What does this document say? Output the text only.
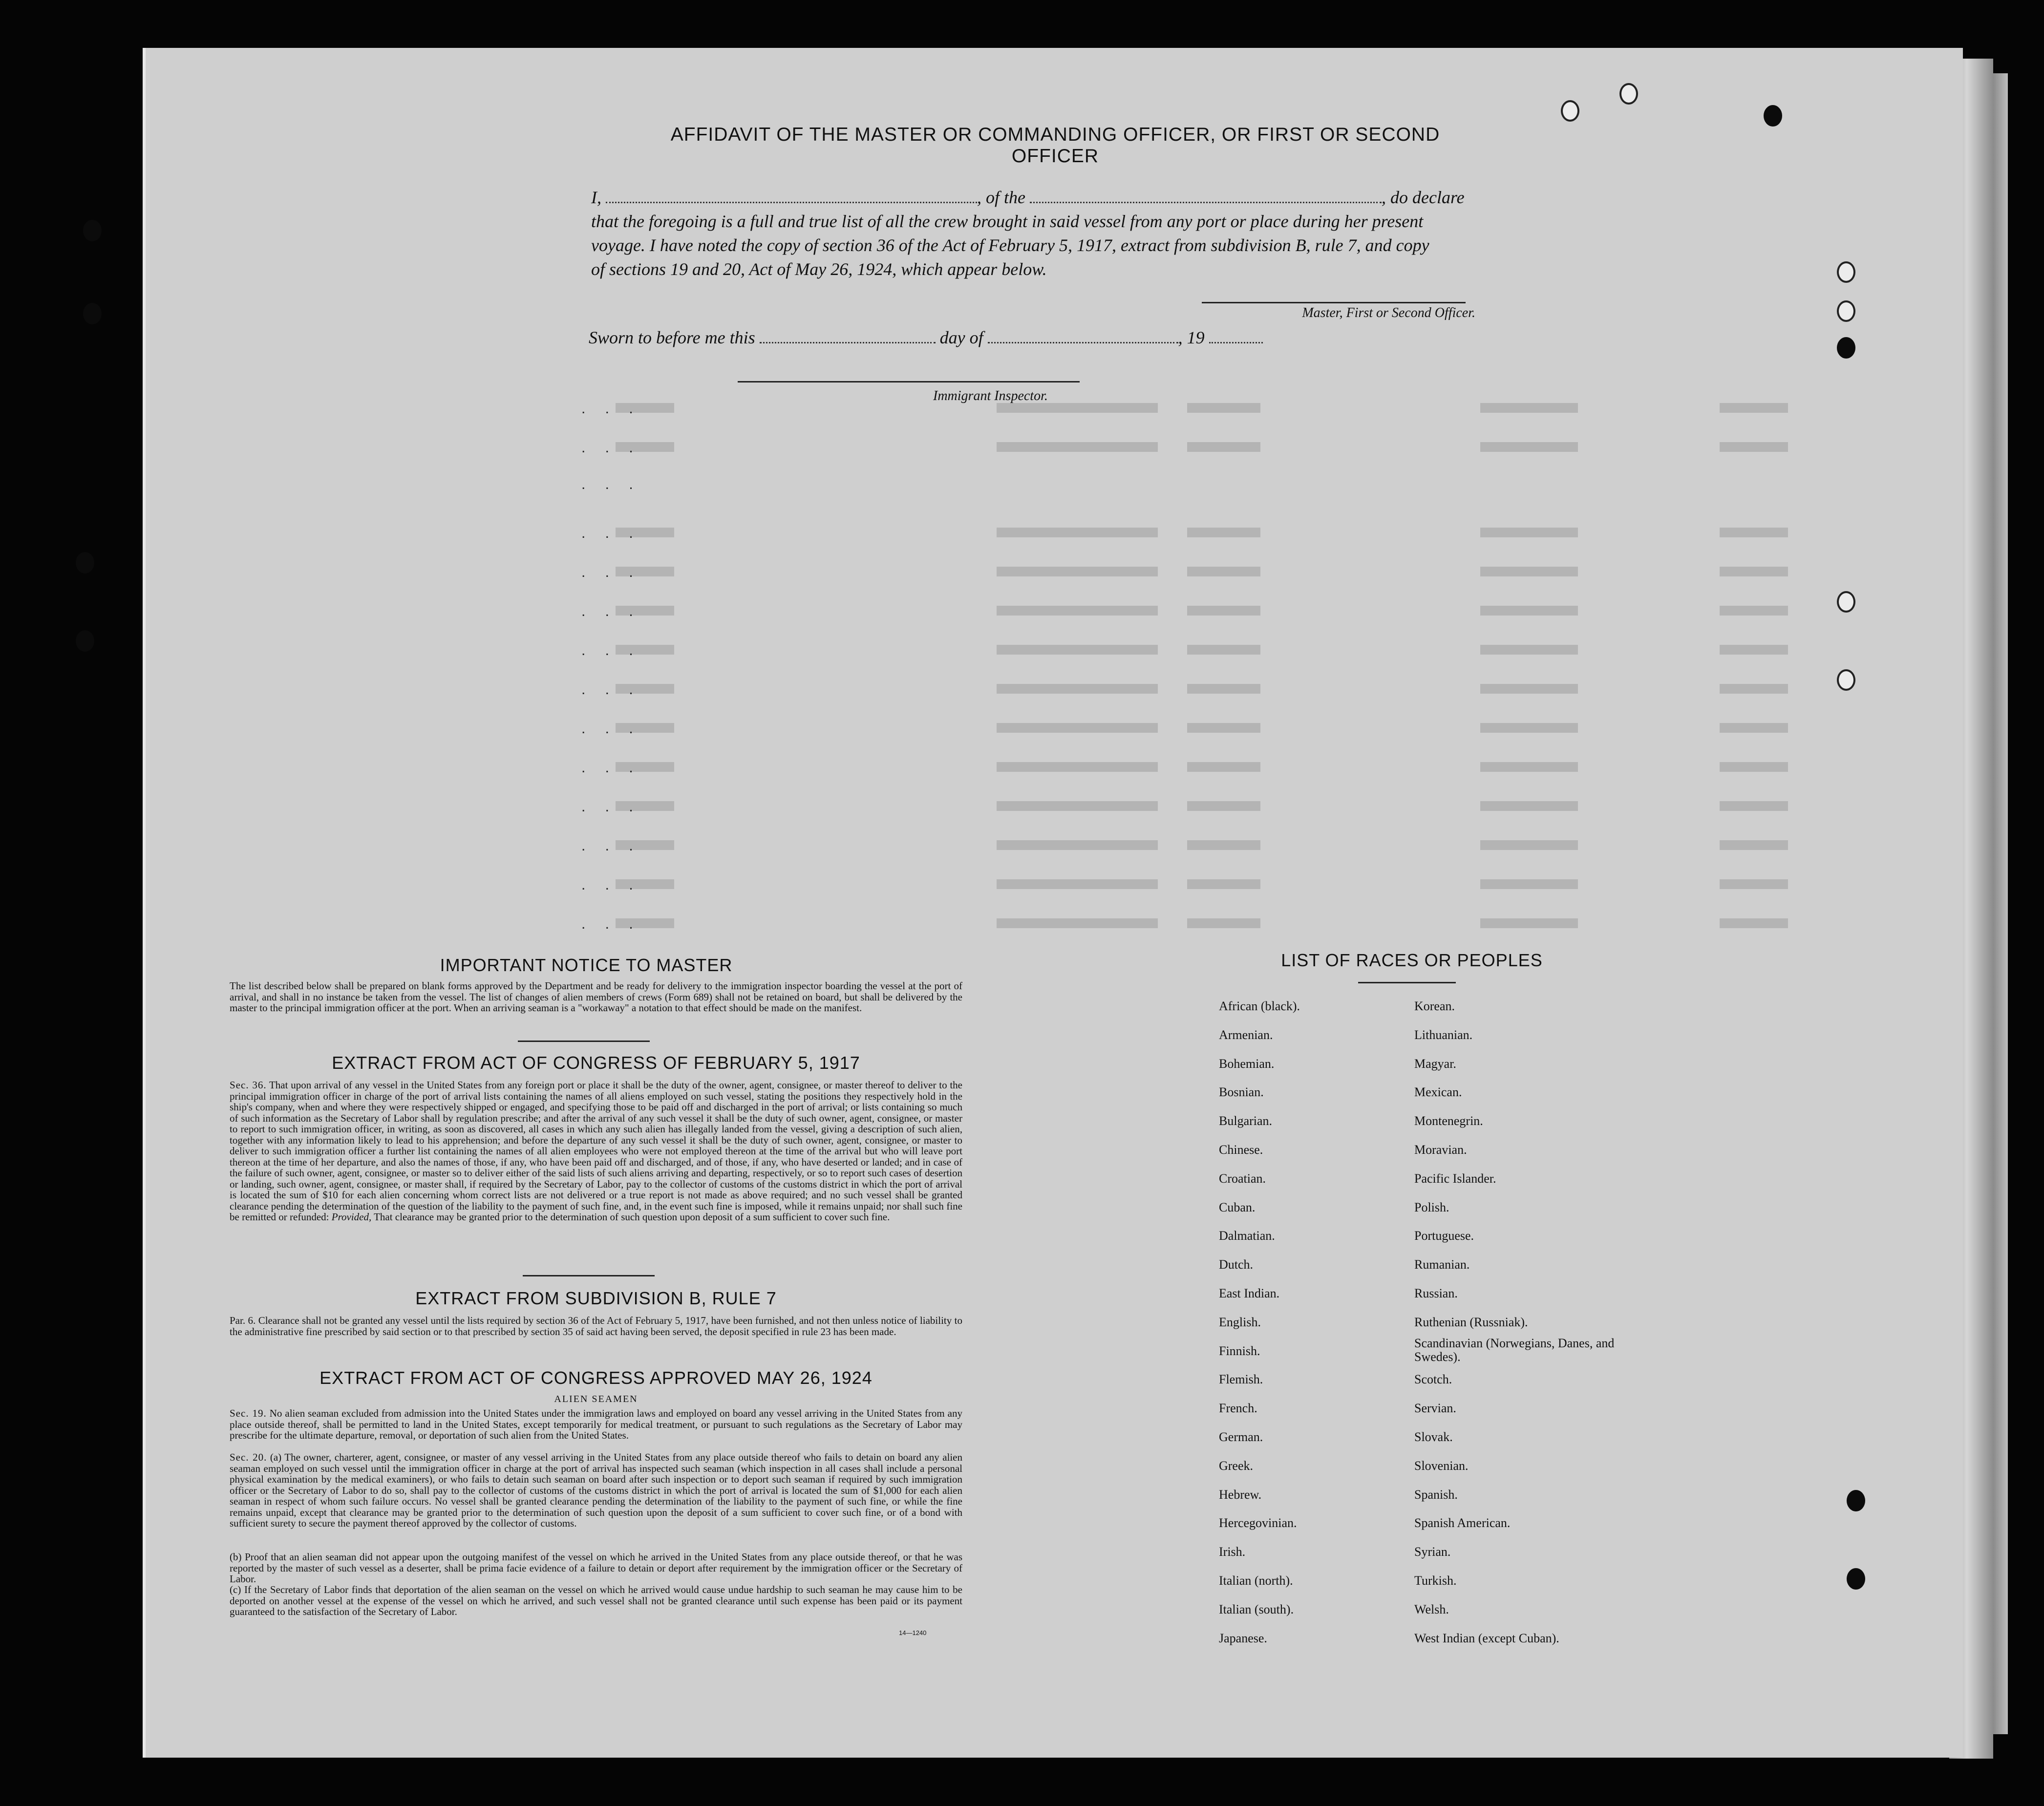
AFFIDAVIT OF THE MASTER OR COMMANDING OFFICER, OR FIRST OR SECOND OFFICER
I,	, of the	, do declare
that the foregoing is a full and true list of all the crew brought in said vessel from any port or place during her present
voyage. I have noted the copy of section 36 of the Act of February 5, 1917, extract from subdivision B, rule 7, and copy
of sections 19 and 20, Act of May 26, 1924, which appear below.
Master, First or Second Officer.
Sworn to before me this	day of	, 19
Immigrant Inspector.
. . .
. . .
. . .
. . .
. . .
. . .
. . .
. . .
. . .
. . .
. . .
. . .
. . .
. . .
IMPORTANT NOTICE TO MASTER
The list described below shall be prepared on blank forms approved by the Department and be ready for delivery to the immigration inspector boarding the vessel at the port of arrival, and shall in no instance be taken from the vessel. The list of changes of alien members of crews (Form 689) shall not be retained on board, but shall be delivered by the master to the principal immigration officer at the port. When an arriving seaman is a "workaway" a notation to that effect should be made on the manifest.
EXTRACT FROM ACT OF CONGRESS OF FEBRUARY 5, 1917
Sec. 36. That upon arrival of any vessel in the United States from any foreign port or place it shall be the duty of the owner, agent, consignee, or master thereof to deliver to the principal immigration officer in charge of the port of arrival lists containing the names of all aliens employed on such vessel, stating the positions they respectively hold in the ship's company, when and where they were respectively shipped or engaged, and specifying those to be paid off and discharged in the port of arrival; or lists containing so much of such information as the Secretary of Labor shall by regulation prescribe; and after the arrival of any such vessel it shall be the duty of such owner, agent, consignee, or master to report to such immigration officer, in writing, as soon as discovered, all cases in which any such alien has illegally landed from the vessel, giving a description of such alien, together with any information likely to lead to his apprehension; and before the departure of any such vessel it shall be the duty of such owner, agent, consignee, or master to deliver to such immigration officer a further list containing the names of all alien employees who were not employed thereon at the time of the arrival but who will leave port thereon at the time of her departure, and also the names of those, if any, who have been paid off and discharged, and of those, if any, who have deserted or landed; and in case of the failure of such owner, agent, consignee, or master so to deliver either of the said lists of such aliens arriving and departing, respectively, or so to report such cases of desertion or landing, such owner, agent, consignee, or master shall, if required by the Secretary of Labor, pay to the collector of customs of the customs district in which the port of arrival is located the sum of $10 for each alien concerning whom correct lists are not delivered or a true report is not made as above required; and no such vessel shall be granted clearance pending the determination of the question of the liability to the payment of such fine, and, in the event such fine is imposed, while it remains unpaid; nor shall such fine be remitted or refunded: Provided, That clearance may be granted prior to the determination of such question upon deposit of a sum sufficient to cover such fine.
EXTRACT FROM SUBDIVISION B, RULE 7
Par. 6. Clearance shall not be granted any vessel until the lists required by section 36 of the Act of February 5, 1917, have been furnished, and not then unless notice of liability to the administrative fine prescribed by said section or to that prescribed by section 35 of said act having been served, the deposit specified in rule 23 has been made.
EXTRACT FROM ACT OF CONGRESS APPROVED MAY 26, 1924
ALIEN SEAMEN
Sec. 19. No alien seaman excluded from admission into the United States under the immigration laws and employed on board any vessel arriving in the United States from any place outside thereof, shall be permitted to land in the United States, except temporarily for medical treatment, or pursuant to such regulations as the Secretary of Labor may prescribe for the ultimate departure, removal, or deportation of such alien from the United States.
Sec. 20. (a) The owner, charterer, agent, consignee, or master of any vessel arriving in the United States from any place outside thereof who fails to detain on board any alien seaman employed on such vessel until the immigration officer in charge at the port of arrival has inspected such seaman (which inspection in all cases shall include a personal physical examination by the medical examiners), or who fails to detain such seaman on board after such inspection or to deport such seaman if required by such immigration officer or the Secretary of Labor to do so, shall pay to the collector of customs of the customs district in which the port of arrival is located the sum of $1,000 for each alien seaman in respect of whom such failure occurs. No vessel shall be granted clearance pending the determination of the liability to the payment of such fine, or while the fine remains unpaid, except that clearance may be granted prior to the determination of such question upon the deposit of a sum sufficient to cover such fine, or of a bond with sufficient surety to secure the payment thereof approved by the collector of customs.
(b) Proof that an alien seaman did not appear upon the outgoing manifest of the vessel on which he arrived in the United States from any place outside thereof, or that he was reported by the master of such vessel as a deserter, shall be prima facie evidence of a failure to detain or deport after requirement by the immigration officer or the Secretary of Labor.
(c) If the Secretary of Labor finds that deportation of the alien seaman on the vessel on which he arrived would cause undue hardship to such seaman he may cause him to be deported on another vessel at the expense of the vessel on which he arrived, and such vessel shall not be granted clearance until such expense has been paid or its payment guaranteed to the satisfaction of the Secretary of Labor.
14—1240
LIST OF RACES OR PEOPLES
African (black).
Armenian.
Bohemian.
Bosnian.
Bulgarian.
Chinese.
Croatian.
Cuban.
Dalmatian.
Dutch.
East Indian.
English.
Finnish.
Flemish.
French.
German.
Greek.
Hebrew.
Hercegovinian.
Irish.
Italian (north).
Italian (south).
Japanese.
Korean.
Lithuanian.
Magyar.
Mexican.
Montenegrin.
Moravian.
Pacific Islander.
Polish.
Portuguese.
Rumanian.
Russian.
Ruthenian (Russniak).
Scandinavian (Norwegians, Danes, and Swedes).
Scotch.
Servian.
Slovak.
Slovenian.
Spanish.
Spanish American.
Syrian.
Turkish.
Welsh.
West Indian (except Cuban).
